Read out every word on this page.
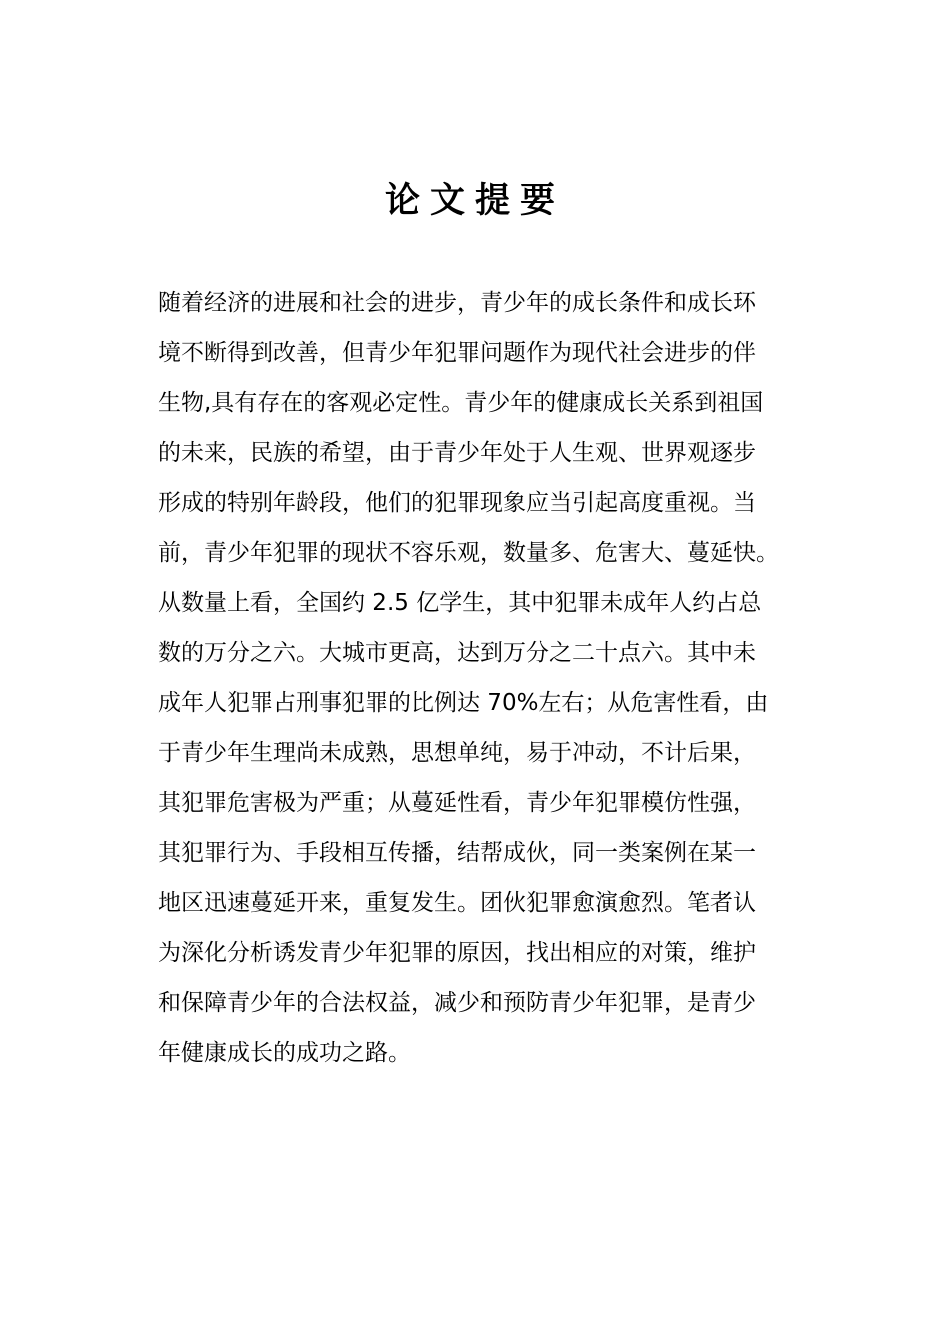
论文提要
随着经济的进展和社会的进步，青少年的成长条件和成长环
境不断得到改善，但青少年犯罪问题作为现代社会进步的伴
生物,具有存在的客观必定性。青少年的健康成长关系到祖国
的未来，民族的希望，由于青少年处于人生观、世界观逐步
形成的特别年龄段，他们的犯罪现象应当引起高度重视。当
前，青少年犯罪的现状不容乐观，数量多、危害大、蔓延快。
从数量上看，全国约 2.5 亿学生，其中犯罪未成年人约占总
数的万分之六。大城市更高，达到万分之二十点六。其中未
成年人犯罪占刑事犯罪的比例达 70%左右；从危害性看，由
于青少年生理尚未成熟，思想单纯，易于冲动，不计后果，
其犯罪危害极为严重；从蔓延性看，青少年犯罪模仿性强，
其犯罪行为、手段相互传播，结帮成伙，同一类案例在某一
地区迅速蔓延开来，重复发生。团伙犯罪愈演愈烈。笔者认
为深化分析诱发青少年犯罪的原因，找出相应的对策，维护
和保障青少年的合法权益，减少和预防青少年犯罪，是青少
年健康成长的成功之路。
